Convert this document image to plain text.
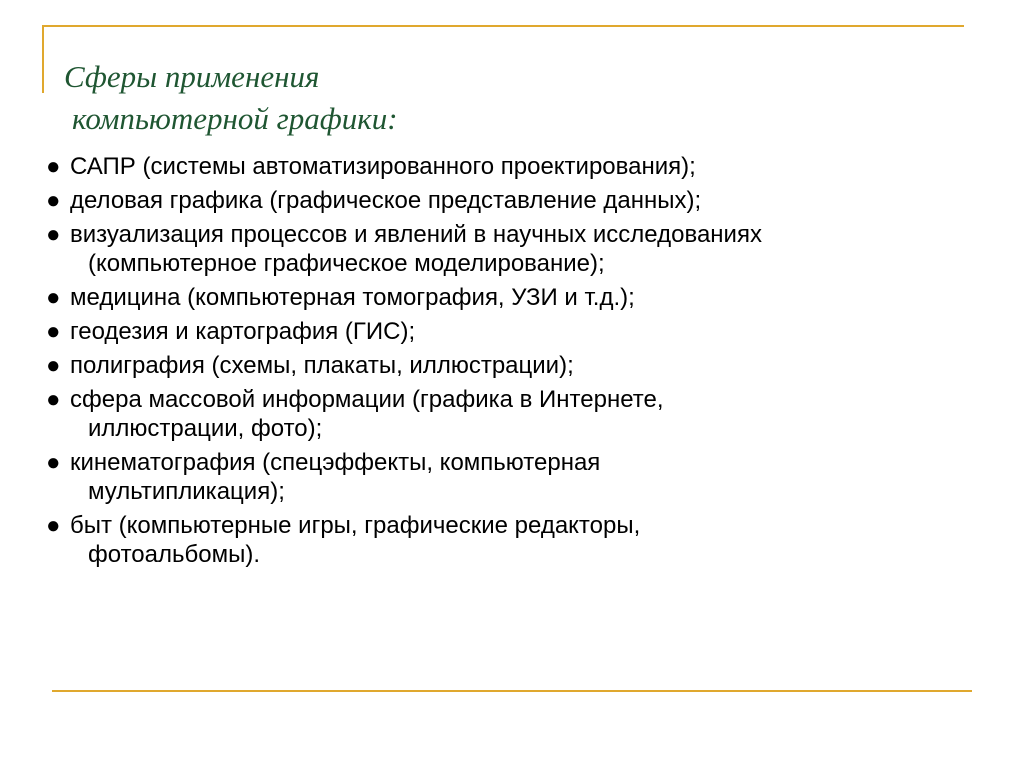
Сферы применения
компьютерной графики:
● САПР (системы автоматизированного проектирования);
● деловая графика (графическое представление данных);
● визуализация процессов и явлений в научных исследованиях
(компьютерное графическое моделирование);
● медицина (компьютерная томография, УЗИ и т.д.);
● геодезия и картография (ГИС);
● полиграфия (схемы, плакаты, иллюстрации);
● сфера массовой информации (графика в Интернете,
иллюстрации, фото);
● кинематография (спецэффекты, компьютерная
мультипликация);
● быт (компьютерные игры, графические редакторы,
фотоальбомы).
